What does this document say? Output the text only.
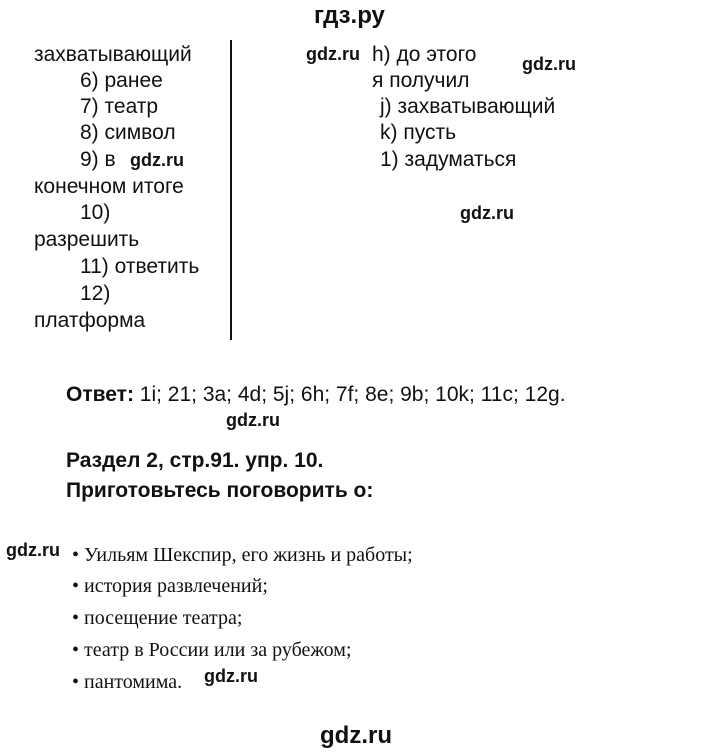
гдз.ру
захватывающий
6) ранее
7) театр
8) символ
9) в gdz.ru
конечном итоге
10)
разрешить
11) ответить
12)
платформа
gdz.ru h) до этого	gdz.ru
я получил
j) захватывающий
k) пусть
1) задуматься
gdz.ru
Ответ: 1i; 21; 3a; 4d; 5j; 6h; 7f; 8e; 9b; 10k; 11c; 12g.
gdz.ru
Раздел 2, стр.91. упр. 10.
Приготовьтесь поговорить о:
gdz.ru • Уильям Шекспир, его жизнь и работы;
• история развлечений;
• посещение театра;
• театр в России или за рубежом;
• пантомима. gdz.ru
gdz.ru
